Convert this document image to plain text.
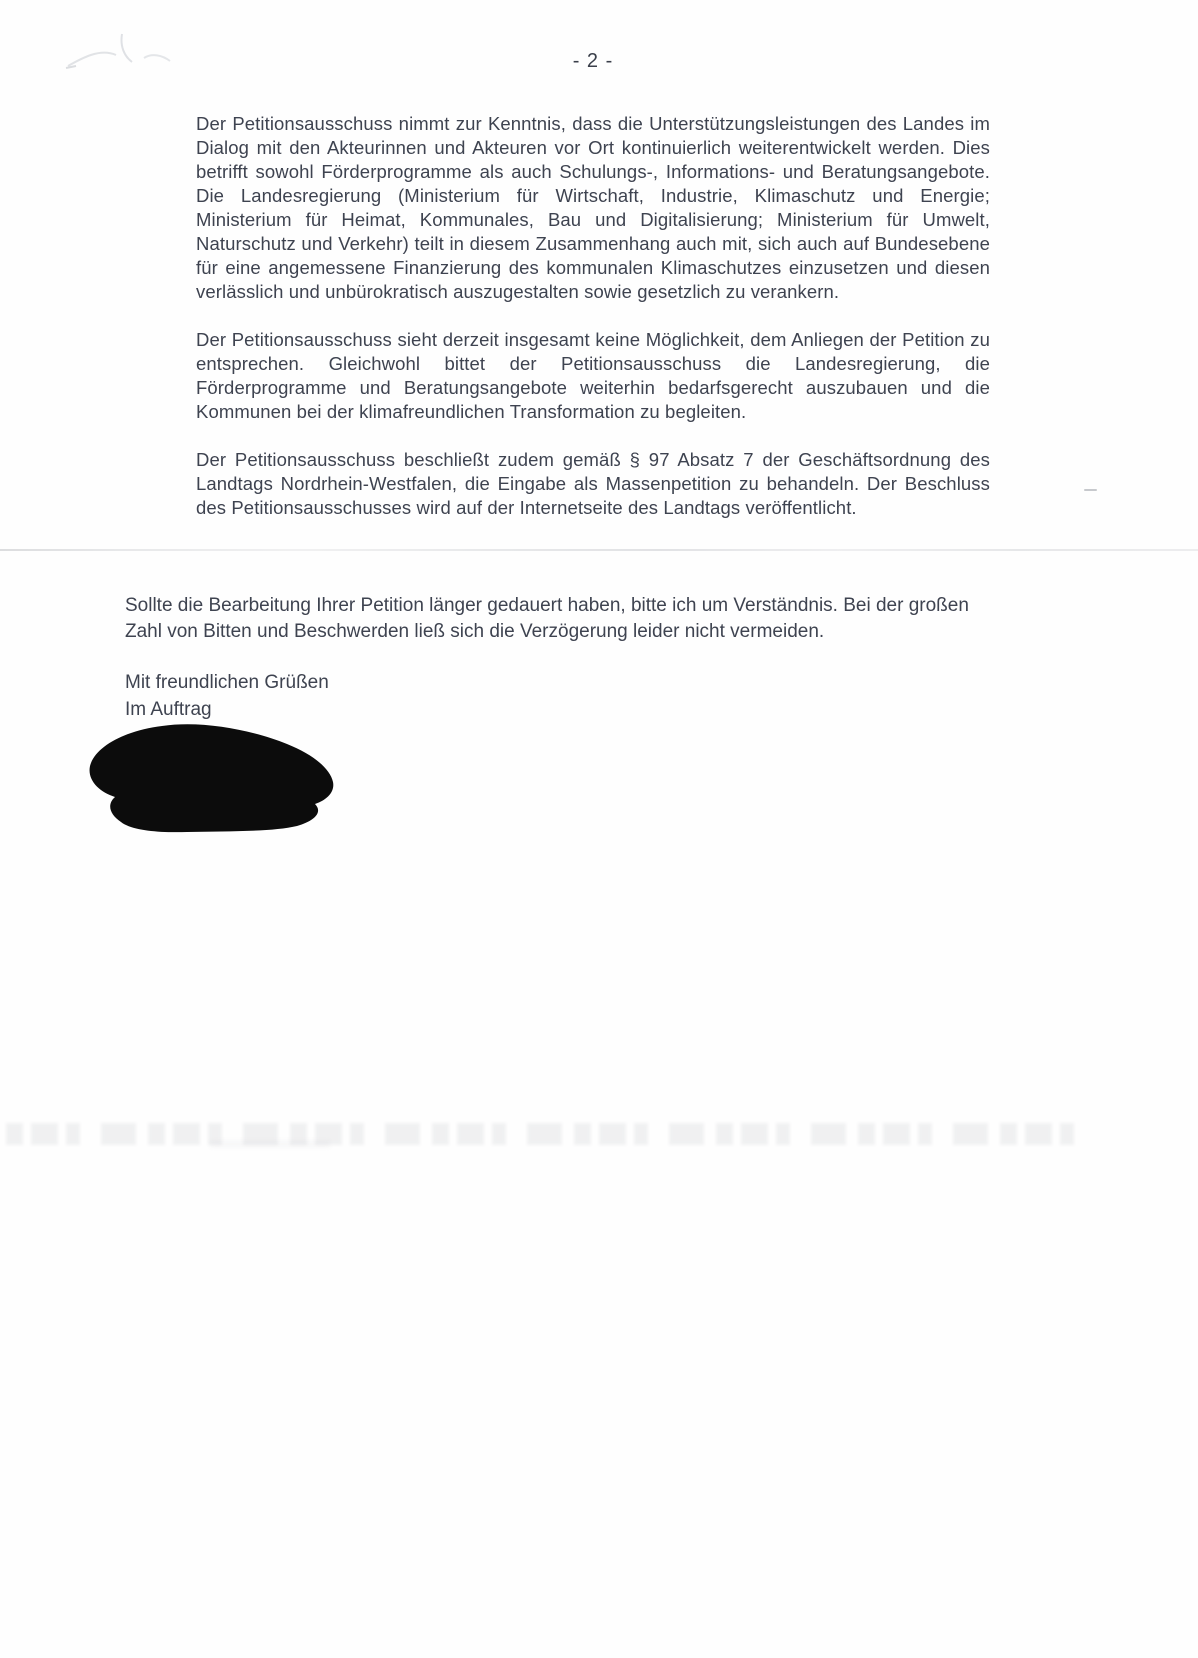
- 2 -

Der Petitionsausschuss nimmt zur Kenntnis, dass die Unterstützungsleistungen des Landes im Dialog mit den Akteurinnen und Akteuren vor Ort kontinuierlich weiterentwickelt werden. Dies betrifft sowohl Förderprogramme als auch Schulungs-, Informations- und Beratungsangebote. Die Landesregierung (Ministerium für Wirtschaft, Industrie, Klimaschutz und Energie; Ministerium für Heimat, Kommunales, Bau und Digitalisierung; Ministerium für Umwelt, Naturschutz und Verkehr) teilt in diesem Zusammenhang auch mit, sich auch auf Bundesebene für eine angemessene Finanzierung des kommunalen Klimaschutzes einzusetzen und diesen verlässlich und unbürokratisch auszugestalten sowie gesetzlich zu verankern.

Der Petitionsausschuss sieht derzeit insgesamt keine Möglichkeit, dem Anliegen der Petition zu entsprechen. Gleichwohl bittet der Petitionsausschuss die Landesregierung, die Förderprogramme und Beratungsangebote weiterhin bedarfsgerecht auszubauen und die Kommunen bei der klimafreundlichen Transformation zu begleiten.

Der Petitionsausschuss beschließt zudem gemäß § 97 Absatz 7 der Geschäftsordnung des Landtags Nordrhein-Westfalen, die Eingabe als Massenpetition zu behandeln. Der Beschluss des Petitionsausschusses wird auf der Internetseite des Landtags veröffentlicht.

Sollte die Bearbeitung Ihrer Petition länger gedauert haben, bitte ich um Verständnis. Bei der großen Zahl von Bitten und Beschwerden ließ sich die Verzögerung leider nicht vermeiden.

Mit freundlichen Grüßen
Im Auftrag
